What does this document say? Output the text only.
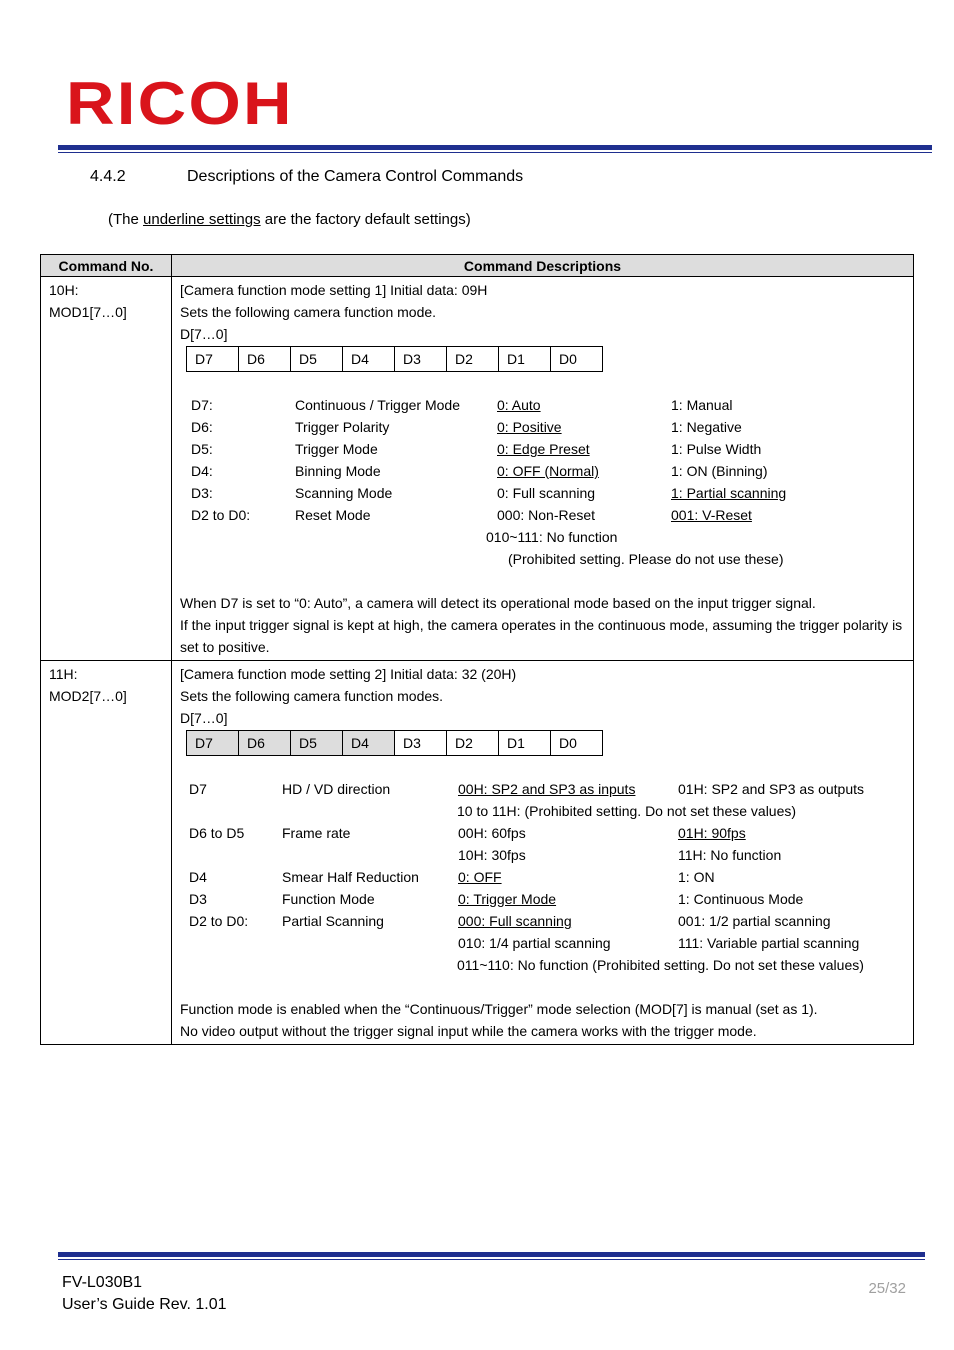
RICOH
4.4.2	Descriptions of the Camera Control Commands
(The underline settings are the factory default settings)
Command No.	Command Descriptions

10H:
MOD1[7…0]

[Camera function mode setting 1] Initial data: 09H
Sets the following camera function mode.
D[7…0]
D7	D6	D5	D4	D3	D2	D1	D0
D7:	Continuous / Trigger Mode	0: Auto	1: Manual
D6:	Trigger Polarity	0: Positive	1: Negative
D5:	Trigger Mode	0: Edge Preset	1: Pulse Width
D4:	Binning Mode	0: OFF (Normal)	1: ON (Binning)
D3:	Scanning Mode	0: Full scanning	1: Partial scanning
D2 to D0:	Reset Mode	000: Non-Reset	001: V-Reset
010~111: No function
(Prohibited setting. Please do not use these)
When D7 is set to “0: Auto”, a camera will detect its operational mode based on the input trigger signal.
If the input trigger signal is kept at high, the camera operates in the continuous mode, assuming the trigger polarity is set to positive.

11H:
MOD2[7…0]

[Camera function mode setting 2] Initial data: 32 (20H)
Sets the following camera function modes.
D[7…0]
D7	D6	D5	D4	D3	D2	D1	D0
D7	HD / VD direction	00H: SP2 and SP3 as inputs	01H: SP2 and SP3 as outputs
10 to 11H: (Prohibited setting. Do not set these values)
D6 to D5	Frame rate	00H: 60fps	01H: 90fps
10H: 30fps	11H: No function
D4	Smear Half Reduction	0: OFF	1: ON
D3	Function Mode	0: Trigger Mode	1: Continuous Mode
D2 to D0:	Partial Scanning	000: Full scanning	001: 1/2 partial scanning
010: 1/4 partial scanning	111: Variable partial scanning
011~110: No function (Prohibited setting. Do not set these values)
Function mode is enabled when the “Continuous/Trigger” mode selection (MOD[7] is manual (set as 1).
No video output without the trigger signal input while the camera works with the trigger mode.
FV-L030B1
User’s Guide Rev. 1.01
25/32
